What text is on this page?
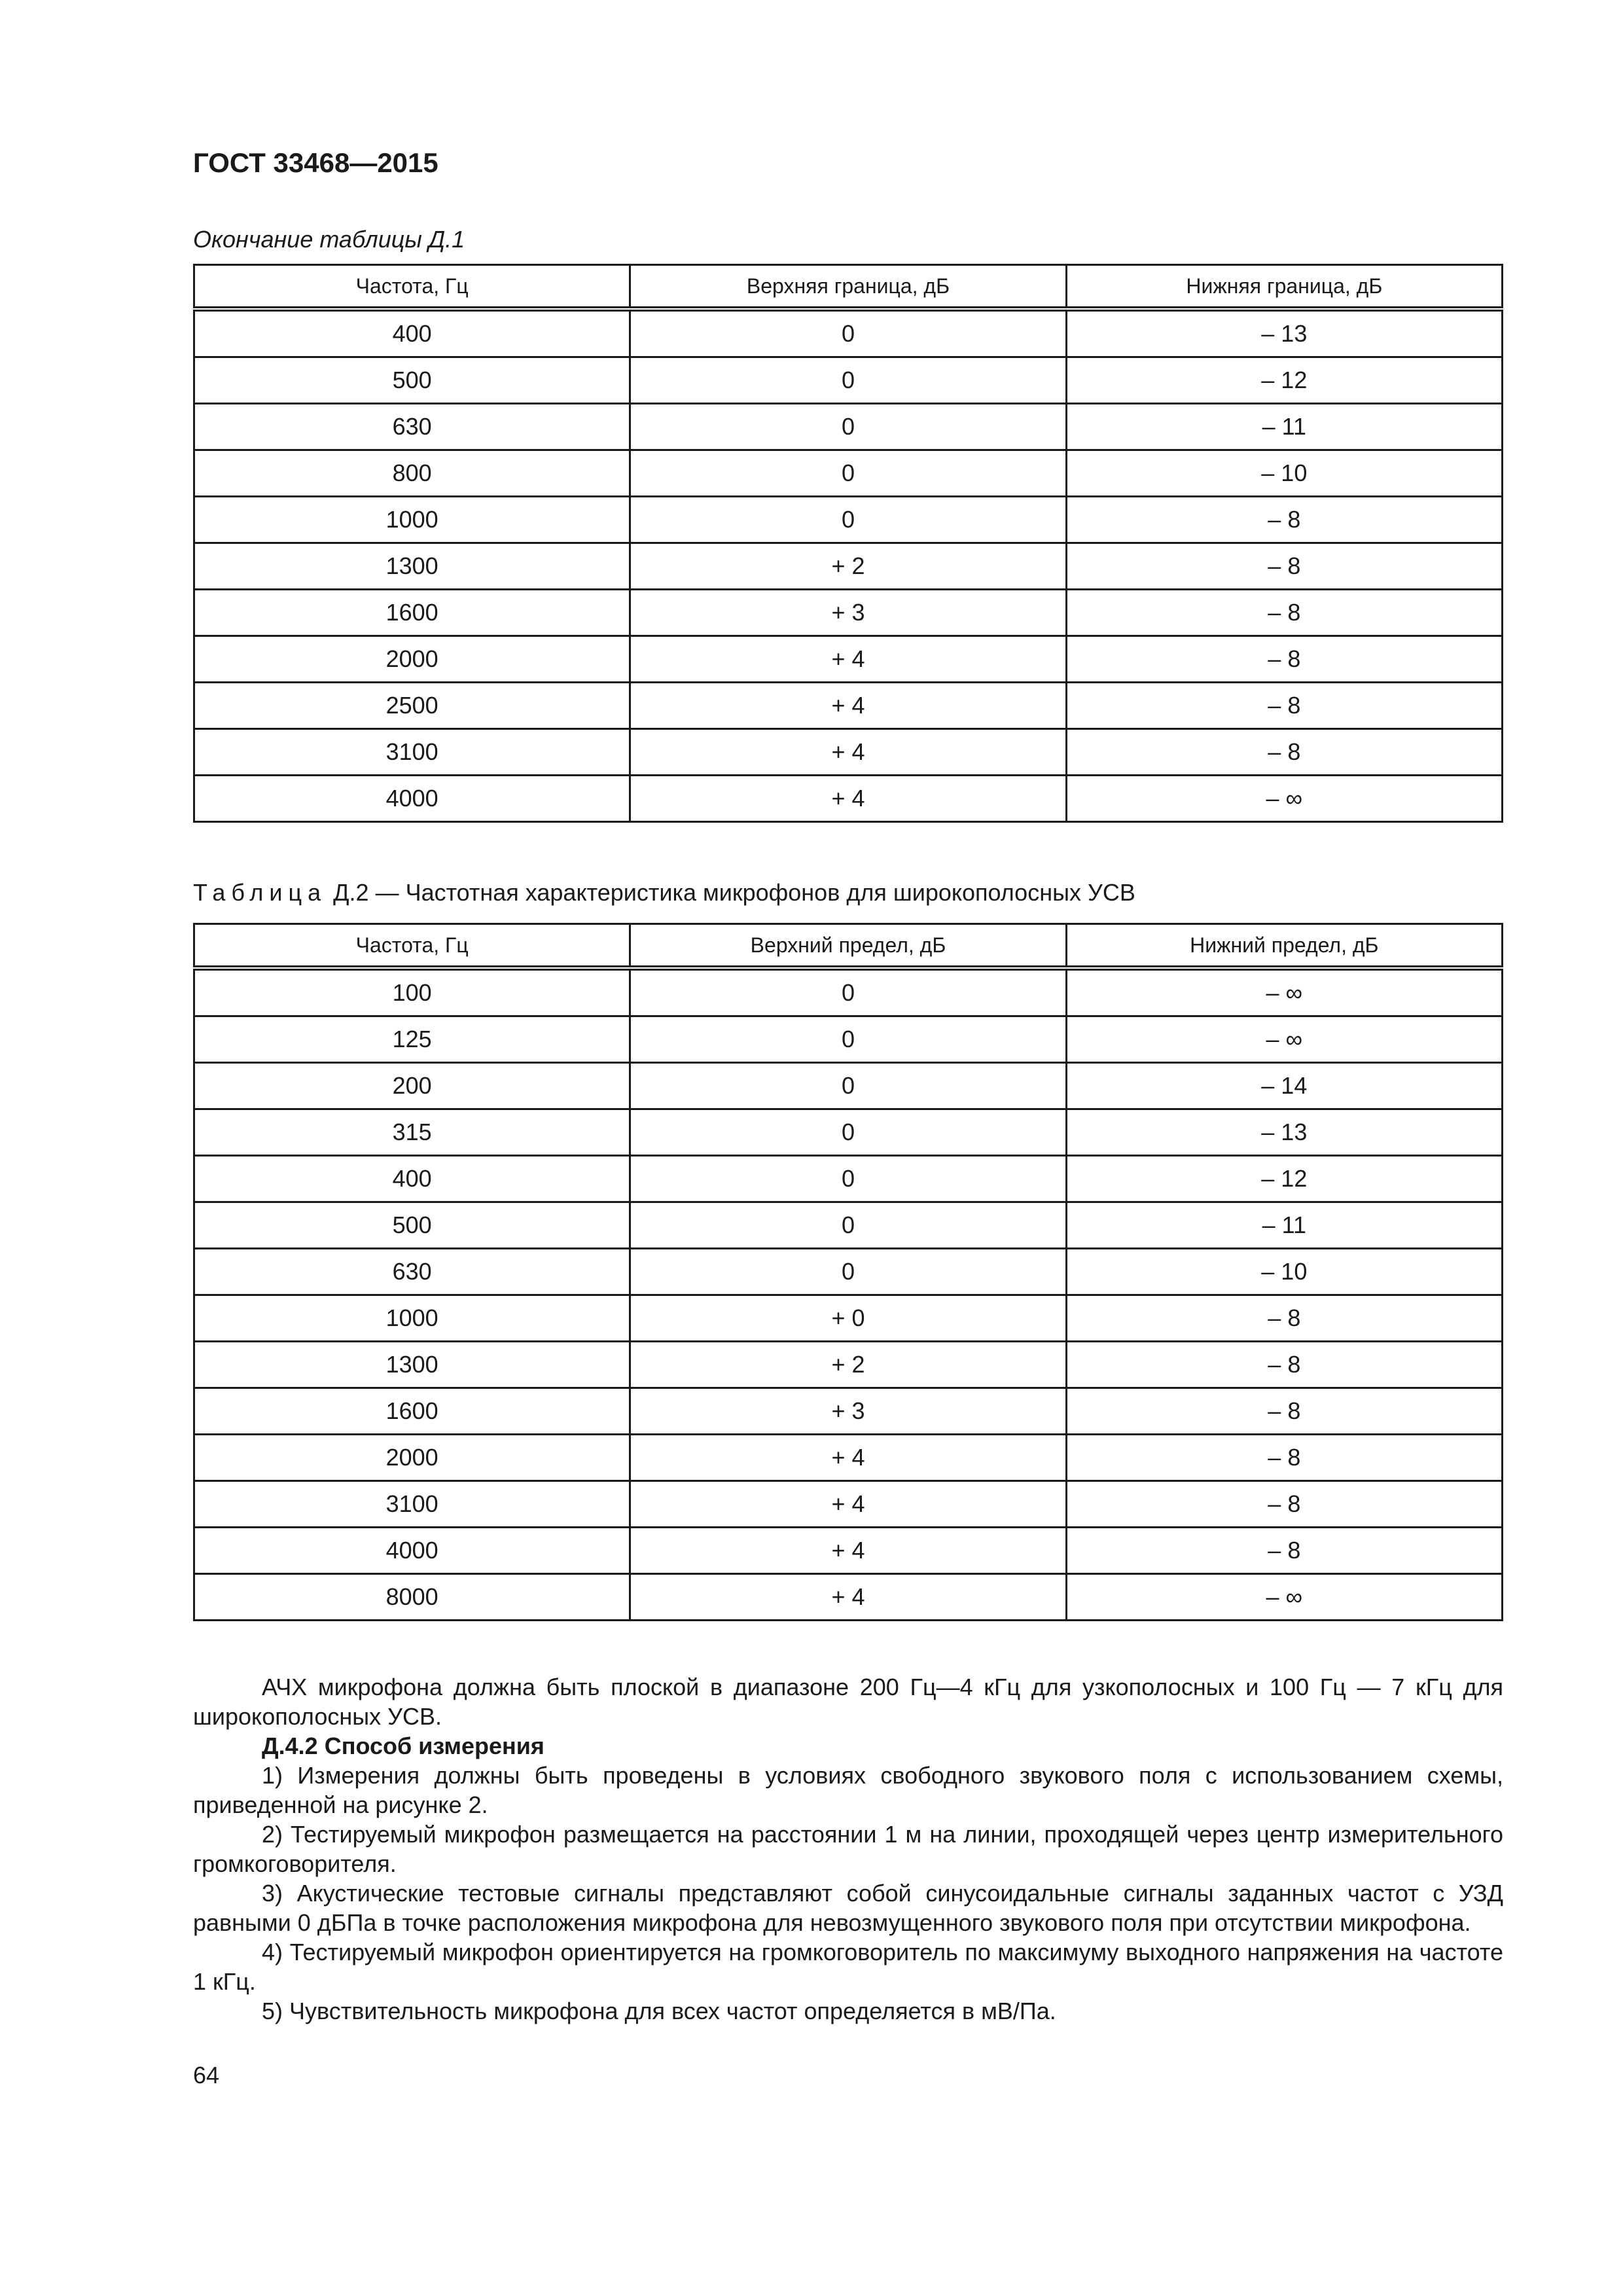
ГОСТ 33468—2015
Окончание таблицы Д.1
Частота, Гц	Верхняя граница, дБ	Нижняя граница, дБ
400	0	– 13
500	0	– 12
630	0	– 11
800	0	– 10
1000	0	– 8
1300	+ 2	– 8
1600	+ 3	– 8
2000	+ 4	– 8
2500	+ 4	– 8
3100	+ 4	– 8
4000	+ 4	– ∞
Таблица Д.2 — Частотная характеристика микрофонов для широкополосных УСВ
Частота, Гц	Верхний предел, дБ	Нижний предел, дБ
100	0	– ∞
125	0	– ∞
200	0	– 14
315	0	– 13
400	0	– 12
500	0	– 11
630	0	– 10
1000	+ 0	– 8
1300	+ 2	– 8
1600	+ 3	– 8
2000	+ 4	– 8
3100	+ 4	– 8
4000	+ 4	– 8
8000	+ 4	– ∞

АЧХ микрофона должна быть плоской в диапазоне 200 Гц—4 кГц для узкополосных и 100 Гц — 7 кГц для широкополосных УСВ.

Д.4.2 Способ измерения

1) Измерения должны быть проведены в условиях свободного звукового поля с использованием схемы, приведенной на рисунке 2.

2) Тестируемый микрофон размещается на расстоянии 1 м на линии, проходящей через центр измерительного громкоговорителя.

3) Акустические тестовые сигналы представляют собой синусоидальные сигналы заданных частот с УЗД равными 0 дБПа в точке расположения микрофона для невозмущенного звукового поля при отсутствии микрофона.

4) Тестируемый микрофон ориентируется на громкоговоритель по максимуму выходного напряжения на частоте 1 кГц.

5) Чувствительность микрофона для всех частот определяется в мВ/Па.

64
